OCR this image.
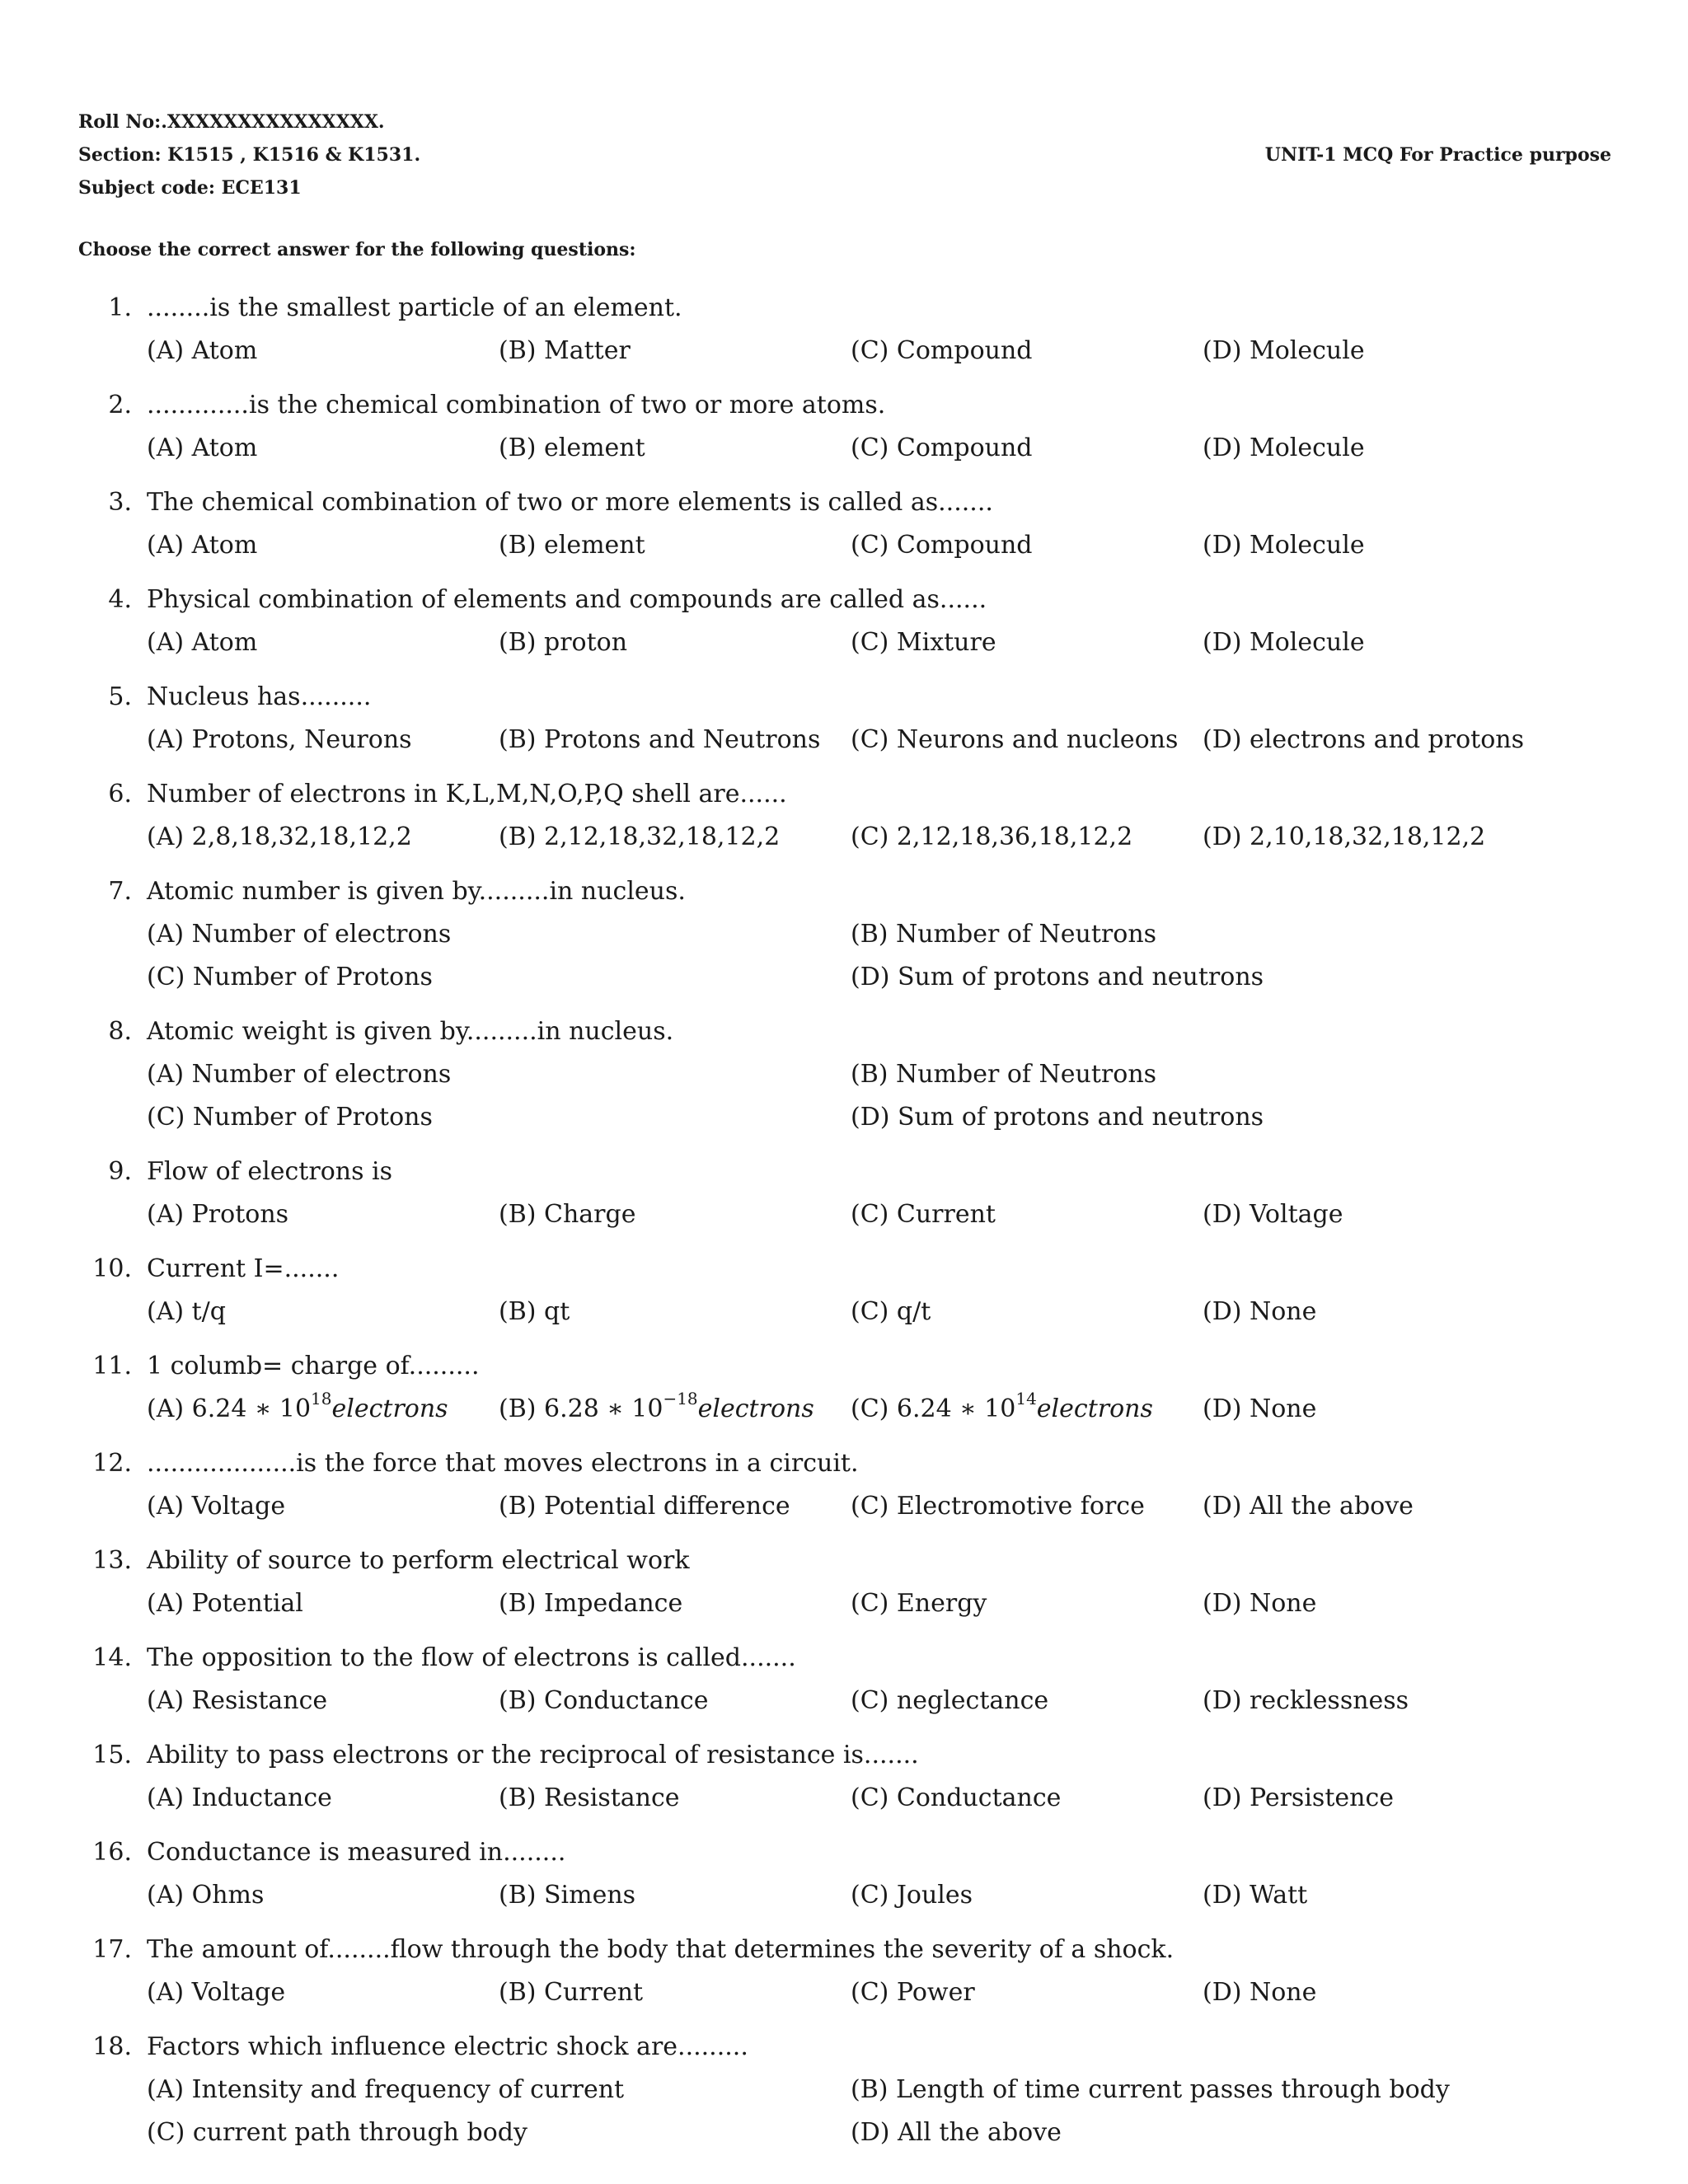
Roll No:.XXXXXXXXXXXXXXX.
Section: K1515 , K1516 & K1531.	UNIT-1 MCQ For Practice purpose
Subject code: ECE131
Choose the correct answer for the following questions:
1. ........is the smallest particle of an element.
(A) Atom	(B) Matter	(C) Compound	(D) Molecule
2. .............is the chemical combination of two or more atoms.
(A) Atom	(B) element	(C) Compound	(D) Molecule
3. The chemical combination of two or more elements is called as.......
(A) Atom	(B) element	(C) Compound	(D) Molecule
4. Physical combination of elements and compounds are called as......
(A) Atom	(B) proton	(C) Mixture	(D) Molecule
5. Nucleus has.........
(A) Protons, Neurons	(B) Protons and Neutrons (C) Neurons and nucleons (D) electrons and protons
6. Number of electrons in K,L,M,N,O,P,Q shell are......
(A) 2,8,18,32,18,12,2	(B) 2,12,18,32,18,12,2	(C) 2,12,18,36,18,12,2	(D) 2,10,18,32,18,12,2
7. Atomic number is given by.........in nucleus.
(A) Number of electrons	(B) Number of Neutrons
(C) Number of Protons	(D) Sum of protons and neutrons
8. Atomic weight is given by.........in nucleus.
(A) Number of electrons	(B) Number of Neutrons
(C) Number of Protons	(D) Sum of protons and neutrons
9. Flow of electrons is
(A) Protons	(B) Charge	(C) Current	(D) Voltage
10. Current I=.......
(A) t/q	(B) qt	(C) q/t	(D) None
11. 1 columb= charge of.........
(A) 6.24 ∗ $10^{18}electrons$ (B) 6.28 ∗ $10^{-18}electrons$ (C) 6.24 ∗ $10^{14}electrons$ (D) None
12. ...................is the force that moves electrons in a circuit.
(A) Voltage	(B) Potential difference (C) Electromotive force (D) All the above
13. Ability of source to perform electrical work
(A) Potential	(B) Impedance	(C) Energy	(D) None
14. The opposition to the flow of electrons is called.......
(A) Resistance	(B) Conductance	(C) neglectance	(D) recklessness
15. Ability to pass electrons or the reciprocal of resistance is.......
(A) Inductance	(B) Resistance	(C) Conductance	(D) Persistence
16. Conductance is measured in........
(A) Ohms	(B) Simens	(C) Joules	(D) Watt
17. The amount of........flow through the body that determines the severity of a shock.
(A) Voltage	(B) Current	(C) Power	(D) None
18. Factors which influence electric shock are.........
(A) Intensity and frequency of current	(B) Length of time current passes through body
(C) current path through body	(D) All the above
